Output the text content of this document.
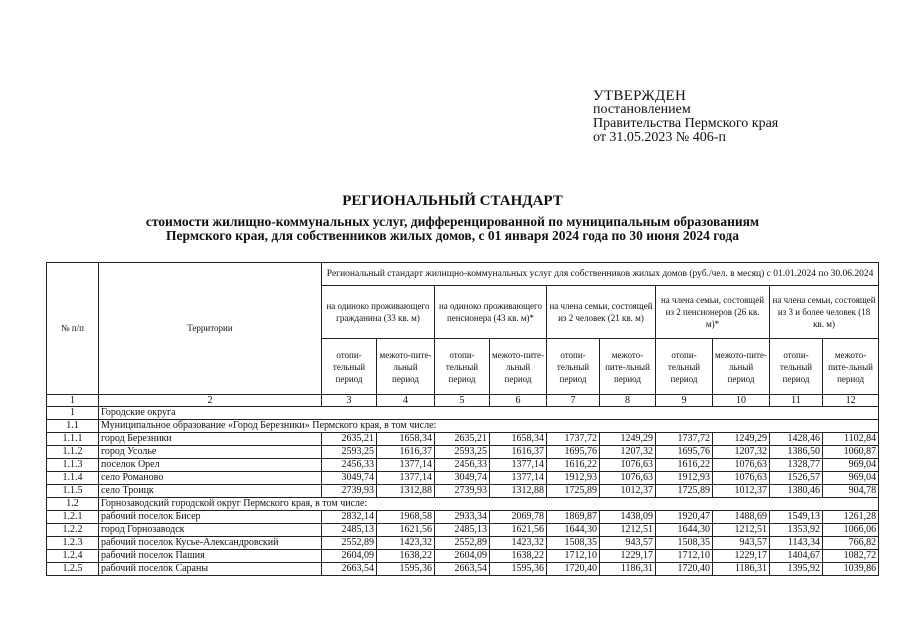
УТВЕРЖДЕН
постановлением
Правительства Пермского края
от 31.05.2023 № 406-п
РЕГИОНАЛЬНЫЙ СТАНДАРТ
стоимости жилищно-коммунальных услуг, дифференцированной по муниципальным образованиям
Пермского края, для собственников жилых домов, с 01 января 2024 года по 30 июня 2024 года
№ п/п	Территории	Региональный стандарт жилищно-коммунальных услуг для собственников жилых домов (руб./чел. в месяц) с 01.01.2024 по 30.06.2024									
		на одиноко проживающего гражданина (33 кв. м)		на одиноко проживающего пенсионера (43 кв. м)*		на члена семьи, состоящей из 2 человек (21 кв. м)		на члена семьи, состоящей из 2 пенсионеров (26 кв. м)*		на члена семьи, состоящей из 3 и более человек (18 кв. м)	
		отопи-тельный период	межото-пите-льный период	отопи-тельный период	межото-пите-льный период	отопи-тельный период	межото-пите-льный период	отопи-тельный период	межото-пите-льный период	отопи-тельный период	межото-пите-льный период
1	2	3	4	5	6	7	8	9	10	11	12
1	Городские округа										
1.1	Муниципальное образование «Город Березники» Пермского края, в том числе:										
1.1.1	город Березники	2635,21	1658,34	2635,21	1658,34	1737,72	1249,29	1737,72	1249,29	1428,46	1102,84
1.1.2	город Усолье	2593,25	1616,37	2593,25	1616,37	1695,76	1207,32	1695,76	1207,32	1386,50	1060,87
1.1.3	поселок Орел	2456,33	1377,14	2456,33	1377,14	1616,22	1076,63	1616,22	1076,63	1328,77	969,04
1.1.4	село Романово	3049,74	1377,14	3049,74	1377,14	1912,93	1076,63	1912,93	1076,63	1526,57	969,04
1.1.5	село Троицк	2739,93	1312,88	2739,93	1312,88	1725,89	1012,37	1725,89	1012,37	1380,46	904,78
1.2	Горнозаводский городской округ Пермского края, в том числе:										
1.2.1	рабочий поселок Бисер	2832,14	1968,58	2933,34	2069,78	1869,87	1438,09	1920,47	1488,69	1549,13	1261,28
1.2.2	город Горнозаводск	2485,13	1621,56	2485,13	1621,56	1644,30	1212,51	1644,30	1212,51	1353,92	1066,06
1.2.3	рабочий поселок Кусье-Александровский	2552,89	1423,32	2552,89	1423,32	1508,35	943,57	1508,35	943,57	1143,34	766,82
1.2.4	рабочий поселок Пашия	2604,09	1638,22	2604,09	1638,22	1712,10	1229,17	1712,10	1229,17	1404,67	1082,72
1.2.5	рабочий поселок Сараны	2663,54	1595,36	2663,54	1595,36	1720,40	1186,31	1720,40	1186,31	1395,92	1039,86
